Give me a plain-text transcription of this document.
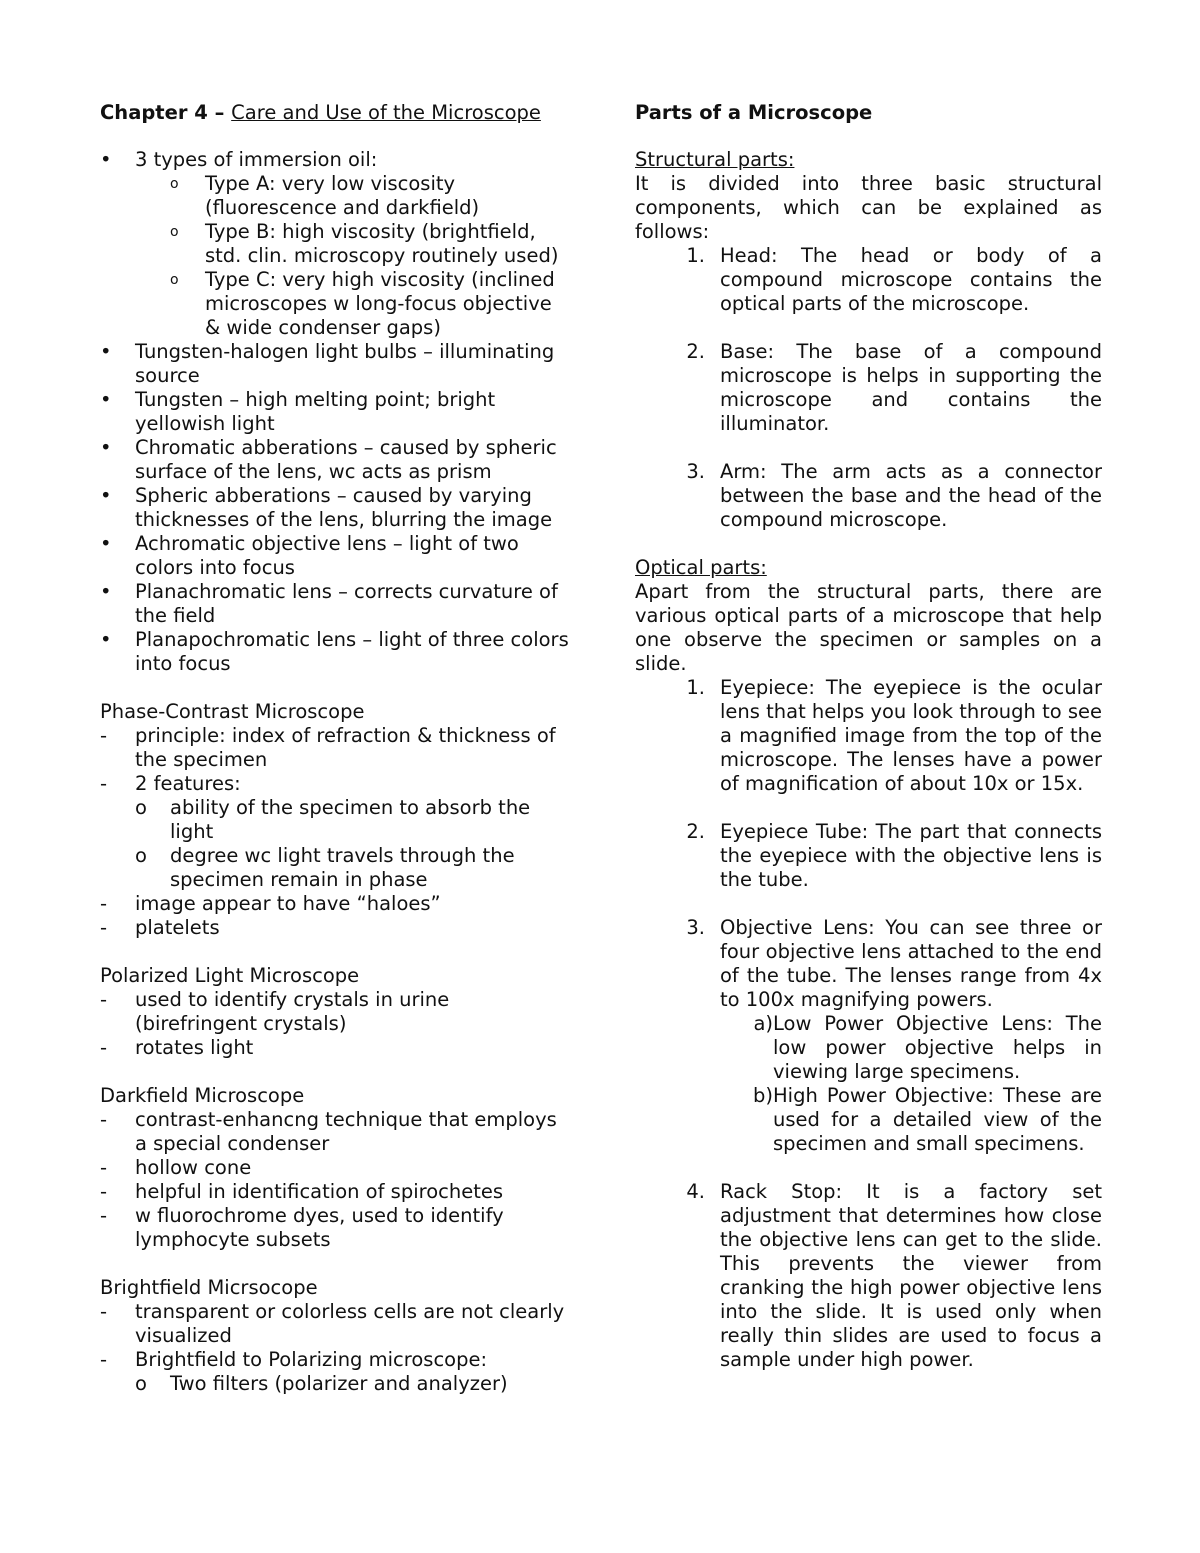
Chapter 4 – Care and Use of the Microscope

•	3 types of immersion oil:
o	Type A: very low viscosity (fluorescence and darkfield)
o	Type B: high viscosity (brightfield, std. clin. microscopy routinely used)
o	Type C: very high viscosity (inclined microscopes w long-focus objective & wide condenser gaps)
•	Tungsten-halogen light bulbs – illuminating source
•	Tungsten – high melting point; bright yellowish light
•	Chromatic abberations – caused by spheric surface of the lens, wc acts as prism
•	Spheric abberations – caused by varying thicknesses of the lens, blurring the image
•	Achromatic objective lens – light of two colors into focus
•	Planachromatic lens – corrects curvature of the field
•	Planapochromatic lens – light of three colors into focus

Phase-Contrast Microscope

-	principle: index of refraction & thickness of the specimen
-	2 features:
o	ability of the specimen to absorb the light
o	degree wc light travels through the specimen remain in phase
-	image appear to have “haloes”
-	platelets

Polarized Light Microscope

-	used to identify crystals in urine (birefringent crystals)
-	rotates light

Darkfield Microscope

-	contrast-enhancng technique that employs a special condenser
-	hollow cone
-	helpful in identification of spirochetes
-	w fluorochrome dyes, used to identify lymphocyte subsets

Brightfield Micrsocope

-	transparent or colorless cells are not clearly visualized
-	Brightfield to Polarizing microscope:
o	Two filters (polarizer and analyzer)

Parts of a Microscope

Structural parts:

It is divided into three basic structural components, which can be explained as follows:

1. Head: The head or body of a compound microscope contains the optical parts of the microscope.
2. Base: The base of a compound microscope is helps in supporting the microscope and contains the illuminator.
3. Arm: The arm acts as a connector between the base and the head of the compound microscope.

Optical parts:

Apart from the structural parts, there are various optical parts of a microscope that help one observe the specimen or samples on a slide.

1. Eyepiece: The eyepiece is the ocular lens that helps you look through to see a magnified image from the top of the microscope. The lenses have a power of magnification of about 10x or 15x.
2. Eyepiece Tube: The part that connects the eyepiece with the objective lens is the tube.
3. Objective Lens: You can see three or four objective lens attached to the end of the tube. The lenses range from 4x to 100x magnifying powers.
a) Low Power Objective Lens: The low power objective helps in viewing large specimens.
b) High Power Objective: These are used for a detailed view of the specimen and small specimens.
4. Rack Stop: It is a factory set adjustment that determines how close the objective lens can get to the slide. This prevents the viewer from cranking the high power objective lens into the slide. It is used only when really thin slides are used to focus a sample under high power.
